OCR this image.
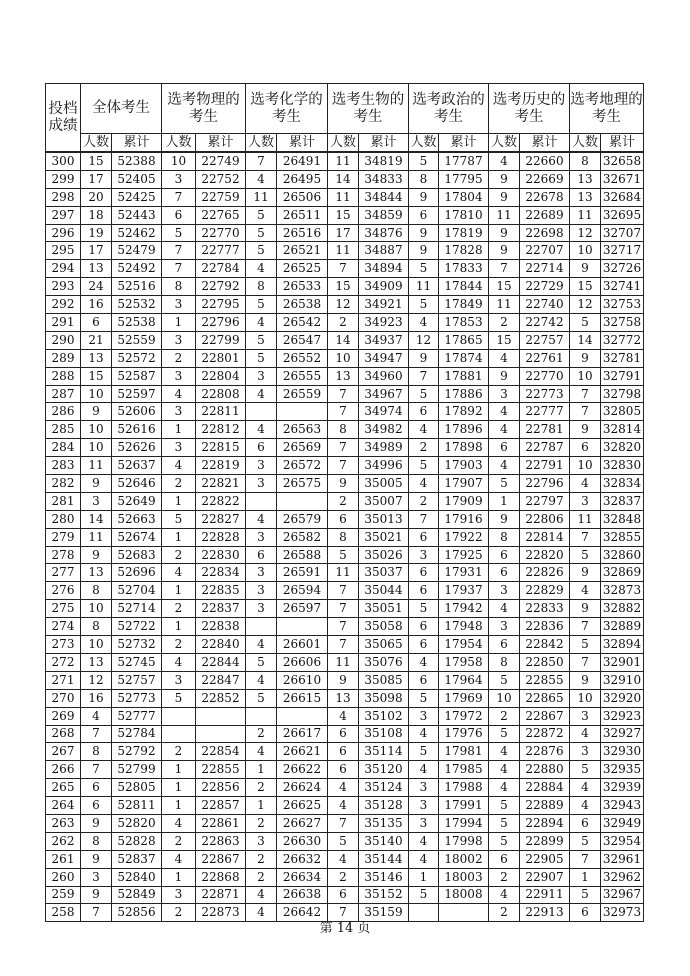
投档成绩	全体考生		选考物理的考生		选考化学的考生		选考生物的考生		选考政治的考生		选考历史的考生		选考地理的考生	
	人数	累计	人数	累计	人数	累计	人数	累计	人数	累计	人数	累计	人数	累计
300	15	52388	10	22749	7	26491	11	34819	5	17787	4	22660	8	32658
299	17	52405	3	22752	4	26495	14	34833	8	17795	9	22669	13	32671
298	20	52425	7	22759	11	26506	11	34844	9	17804	9	22678	13	32684
297	18	52443	6	22765	5	26511	15	34859	6	17810	11	22689	11	32695
296	19	52462	5	22770	5	26516	17	34876	9	17819	9	22698	12	32707
295	17	52479	7	22777	5	26521	11	34887	9	17828	9	22707	10	32717
294	13	52492	7	22784	4	26525	7	34894	5	17833	7	22714	9	32726
293	24	52516	8	22792	8	26533	15	34909	11	17844	15	22729	15	32741
292	16	52532	3	22795	5	26538	12	34921	5	17849	11	22740	12	32753
291	6	52538	1	22796	4	26542	2	34923	4	17853	2	22742	5	32758
290	21	52559	3	22799	5	26547	14	34937	12	17865	15	22757	14	32772
289	13	52572	2	22801	5	26552	10	34947	9	17874	4	22761	9	32781
288	15	52587	3	22804	3	26555	13	34960	7	17881	9	22770	10	32791
287	10	52597	4	22808	4	26559	7	34967	5	17886	3	22773	7	32798
286	9	52606	3	22811			7	34974	6	17892	4	22777	7	32805
285	10	52616	1	22812	4	26563	8	34982	4	17896	4	22781	9	32814
284	10	52626	3	22815	6	26569	7	34989	2	17898	6	22787	6	32820
283	11	52637	4	22819	3	26572	7	34996	5	17903	4	22791	10	32830
282	9	52646	2	22821	3	26575	9	35005	4	17907	5	22796	4	32834
281	3	52649	1	22822			2	35007	2	17909	1	22797	3	32837
280	14	52663	5	22827	4	26579	6	35013	7	17916	9	22806	11	32848
279	11	52674	1	22828	3	26582	8	35021	6	17922	8	22814	7	32855
278	9	52683	2	22830	6	26588	5	35026	3	17925	6	22820	5	32860
277	13	52696	4	22834	3	26591	11	35037	6	17931	6	22826	9	32869
276	8	52704	1	22835	3	26594	7	35044	6	17937	3	22829	4	32873
275	10	52714	2	22837	3	26597	7	35051	5	17942	4	22833	9	32882
274	8	52722	1	22838			7	35058	6	17948	3	22836	7	32889
273	10	52732	2	22840	4	26601	7	35065	6	17954	6	22842	5	32894
272	13	52745	4	22844	5	26606	11	35076	4	17958	8	22850	7	32901
271	12	52757	3	22847	4	26610	9	35085	6	17964	5	22855	9	32910
270	16	52773	5	22852	5	26615	13	35098	5	17969	10	22865	10	32920
269	4	52777					4	35102	3	17972	2	22867	3	32923
268	7	52784			2	26617	6	35108	4	17976	5	22872	4	32927
267	8	52792	2	22854	4	26621	6	35114	5	17981	4	22876	3	32930
266	7	52799	1	22855	1	26622	6	35120	4	17985	4	22880	5	32935
265	6	52805	1	22856	2	26624	4	35124	3	17988	4	22884	4	32939
264	6	52811	1	22857	1	26625	4	35128	3	17991	5	22889	4	32943
263	9	52820	4	22861	2	26627	7	35135	3	17994	5	22894	6	32949
262	8	52828	2	22863	3	26630	5	35140	4	17998	5	22899	5	32954
261	9	52837	4	22867	2	26632	4	35144	4	18002	6	22905	7	32961
260	3	52840	1	22868	2	26634	2	35146	1	18003	2	22907	1	32962
259	9	52849	3	22871	4	26638	6	35152	5	18008	4	22911	5	32967
258	7	52856	2	22873	4	26642	7	35159			2	22913	6	32973
第 14 页
